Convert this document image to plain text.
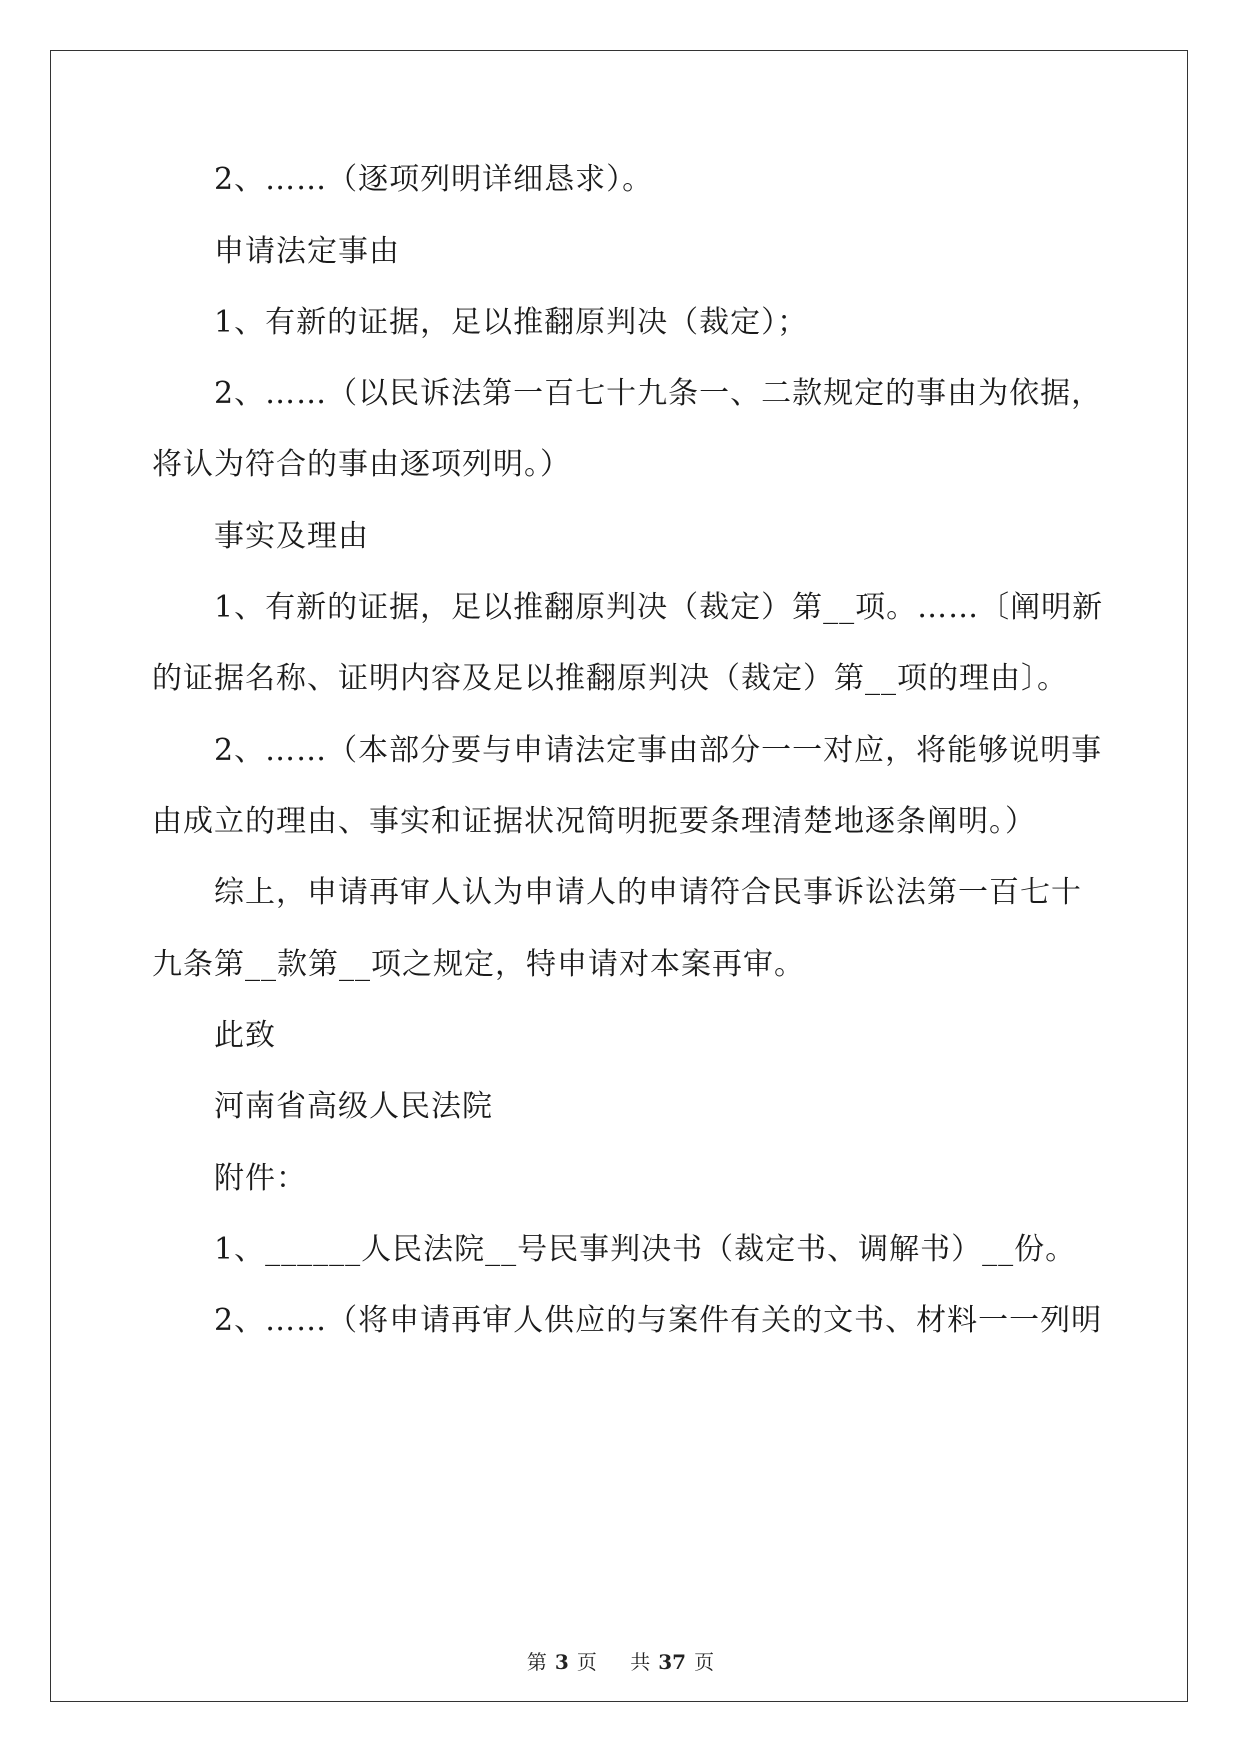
2、……（逐项列明详细恳求）。
申请法定事由
1、有新的证据，足以推翻原判决（裁定）；
2、……（以民诉法第一百七十九条一、二款规定的事由为依据，
将认为符合的事由逐项列明。）
事实及理由
1、有新的证据，足以推翻原判决（裁定）第__项。……〔阐明新
的证据名称、证明内容及足以推翻原判决（裁定）第__项的理由〕。
2、……（本部分要与申请法定事由部分一一对应，将能够说明事
由成立的理由、事实和证据状况简明扼要条理清楚地逐条阐明。）
综上，申请再审人认为申请人的申请符合民事诉讼法第一百七十
九条第__款第__项之规定，特申请对本案再审。
此致
河南省高级人民法院
附件：
1、______人民法院__号民事判决书（裁定书、调解书）__份。
2、……（将申请再审人供应的与案件有关的文书、材料一一列明
第 3 页 共 37 页
